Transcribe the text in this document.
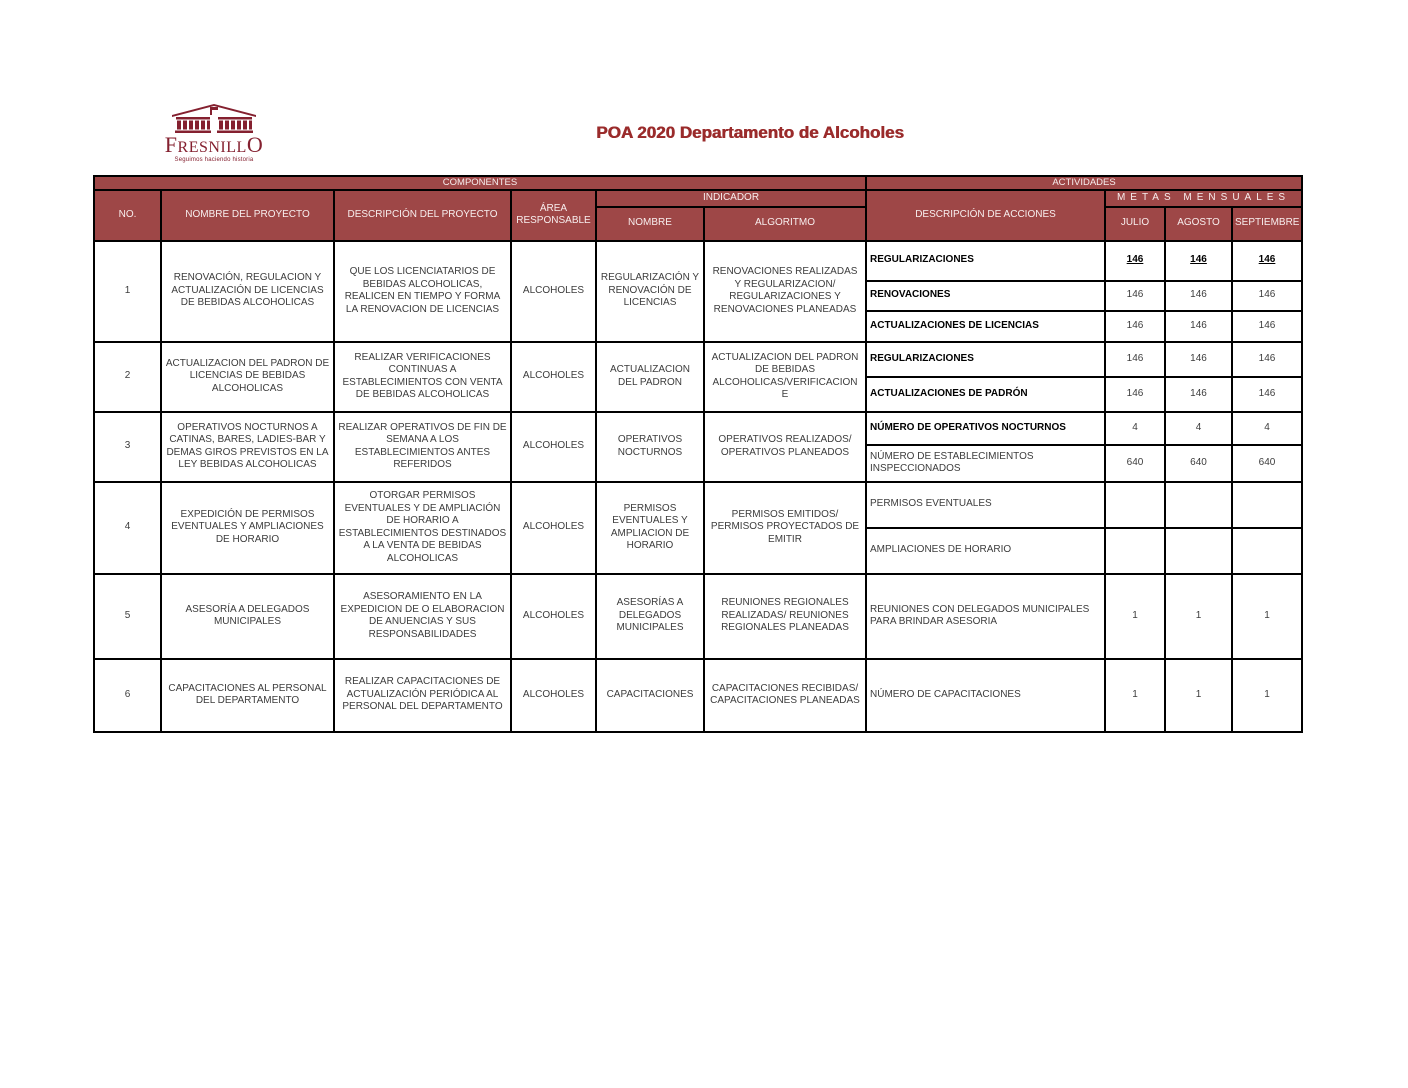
FRESNILLO
Seguimos haciendo historia
POA 2020 Departamento de Alcoholes
COMPONENTES						ACTIVIDADES			
NO.	NOMBRE DEL PROYECTO	DESCRIPCIÓN DEL PROYECTO	ÁREA RESPONSABLE	INDICADOR		DESCRIPCIÓN DE ACCIONES	METAS MENSUALES		
				NOMBRE	ALGORITMO		JULIO	AGOSTO	SEPTIEMBRE
1	RENOVACIÓN, REGULACION Y ACTUALIZACIÓN DE LICENCIAS DE BEBIDAS ALCOHOLICAS	QUE LOS LICENCIATARIOS DE BEBIDAS ALCOHOLICAS, REALICEN EN TIEMPO Y FORMA LA RENOVACION DE LICENCIAS	ALCOHOLES	REGULARIZACIÓN Y RENOVACIÓN DE LICENCIAS	RENOVACIONES REALIZADAS Y REGULARIZACION/ REGULARIZACIONES Y RENOVACIONES PLANEADAS	REGULARIZACIONES	146	146	146
						RENOVACIONES	146	146	146
						ACTUALIZACIONES DE LICENCIAS	146	146	146
2	ACTUALIZACION DEL PADRON DE LICENCIAS DE BEBIDAS ALCOHOLICAS	REALIZAR VERIFICACIONES CONTINUAS A ESTABLECIMIENTOS CON VENTA DE BEBIDAS ALCOHOLICAS	ALCOHOLES	ACTUALIZACION DEL PADRON	ACTUALIZACION DEL PADRON DE BEBIDAS ALCOHOLICAS/VERIFICACION E	REGULARIZACIONES	146	146	146
						ACTUALIZACIONES DE PADRÓN	146	146	146
3	OPERATIVOS NOCTURNOS A CATINAS, BARES, LADIES-BAR Y DEMAS GIROS PREVISTOS EN LA LEY BEBIDAS ALCOHOLICAS	REALIZAR OPERATIVOS DE FIN DE SEMANA A LOS ESTABLECIMIENTOS ANTES REFERIDOS	ALCOHOLES	OPERATIVOS NOCTURNOS	OPERATIVOS REALIZADOS/ OPERATIVOS PLANEADOS	NÚMERO DE OPERATIVOS NOCTURNOS	4	4	4
						NÚMERO DE ESTABLECIMIENTOS INSPECCIONADOS	640	640	640
4	EXPEDICIÓN DE PERMISOS EVENTUALES Y AMPLIACIONES DE HORARIO	OTORGAR PERMISOS EVENTUALES Y DE AMPLIACIÓN DE HORARIO A ESTABLECIMIENTOS DESTINADOS A LA VENTA DE BEBIDAS ALCOHOLICAS	ALCOHOLES	PERMISOS EVENTUALES Y AMPLIACION DE HORARIO	PERMISOS EMITIDOS/ PERMISOS PROYECTADOS DE EMITIR	PERMISOS EVENTUALES			
						AMPLIACIONES DE HORARIO			
5	ASESORÍA A DELEGADOS MUNICIPALES	ASESORAMIENTO EN LA EXPEDICION DE O ELABORACION DE ANUENCIAS Y SUS RESPONSABILIDADES	ALCOHOLES	ASESORÍAS A DELEGADOS MUNICIPALES	REUNIONES REGIONALES REALIZADAS/ REUNIONES REGIONALES PLANEADAS	REUNIONES CON DELEGADOS MUNICIPALES PARA BRINDAR ASESORIA	1	1	1
6	CAPACITACIONES AL PERSONAL DEL DEPARTAMENTO	REALIZAR CAPACITACIONES DE ACTUALIZACIÓN PERIÓDICA AL PERSONAL DEL DEPARTAMENTO	ALCOHOLES	CAPACITACIONES	CAPACITACIONES RECIBIDAS/ CAPACITACIONES PLANEADAS	NÚMERO DE CAPACITACIONES	1	1	1
